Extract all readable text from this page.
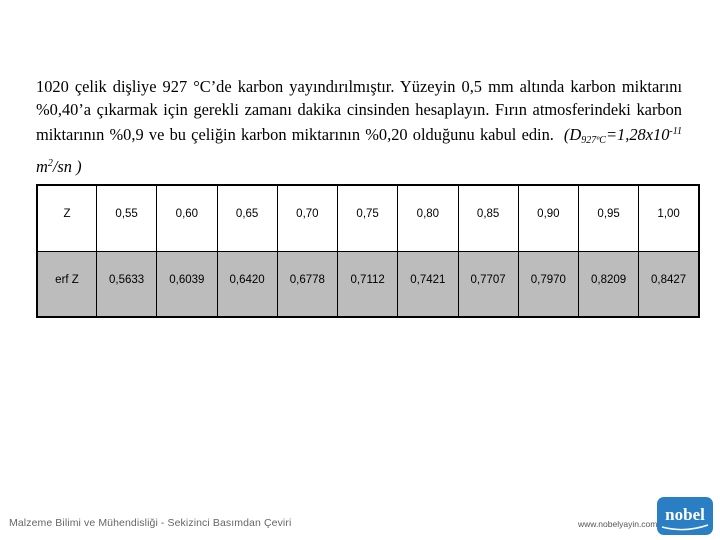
1020 çelik dişliye 927 °C’de karbon yayındırılmıştır. Yüzeyin 0,5 mm altında karbon miktarını %0,40’a çıkarmak için gerekli zamanı dakika cinsinden hesaplayın. Fırın atmosferindeki karbon miktarının %0,9 ve bu çeliğin karbon miktarının %0,20 olduğunu kabul edin. ($D_{927ºC}=1,28x10^{-11}$ $m^2/sn$ )

Z	0,55	0,60	0,65	0,70	0,75	0,80	0,85	0,90	0,95	1,00
erf Z	0,5633	0,6039	0,6420	0,6778	0,7112	0,7421	0,7707	0,7970	0,8209	0,8427
Malzeme Bilimi ve Mühendisliği - Sekizinci Basımdan Çeviri	www.nobelyayin.com nobel
